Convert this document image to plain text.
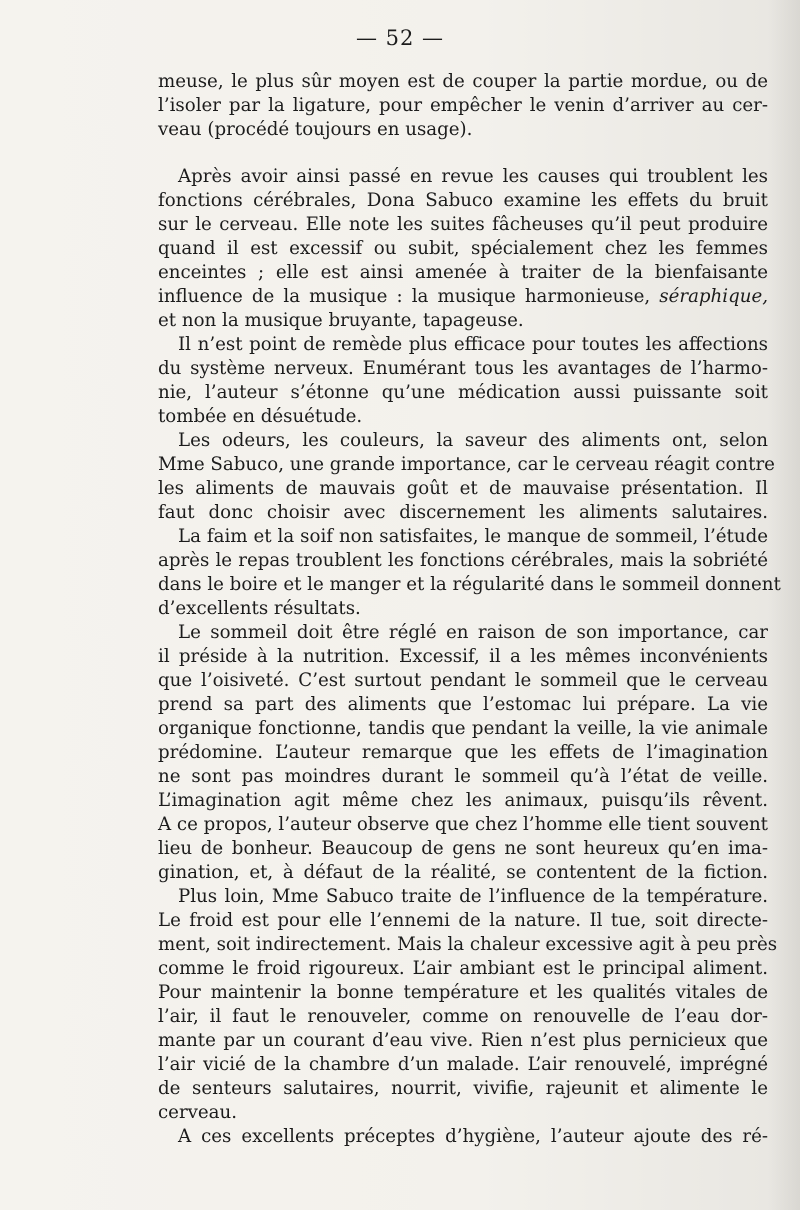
— 52 —
meuse, le plus sûr moyen est de couper la partie mordue, ou de
l’isoler par la ligature, pour empêcher le venin d’arriver au cer-
veau (procédé toujours en usage).
Après avoir ainsi passé en revue les causes qui troublent les
fonctions cérébrales, Dona Sabuco examine les effets du bruit
sur le cerveau. Elle note les suites fâcheuses qu’il peut produire
quand il est excessif ou subit, spécialement chez les femmes
enceintes ; elle est ainsi amenée à traiter de la bienfaisante
influence de la musique : la musique harmonieuse, séraphique,
et non la musique bruyante, tapageuse.
Il n’est point de remède plus efficace pour toutes les affections
du système nerveux. Enumérant tous les avantages de l’harmo-
nie, l’auteur s’étonne qu’une médication aussi puissante soit
tombée en désuétude.
Les odeurs, les couleurs, la saveur des aliments ont, selon
Mme Sabuco, une grande importance, car le cerveau réagit contre
les aliments de mauvais goût et de mauvaise présentation. Il
faut donc choisir avec discernement les aliments salutaires.
La faim et la soif non satisfaites, le manque de sommeil, l’étude
après le repas troublent les fonctions cérébrales, mais la sobriété
dans le boire et le manger et la régularité dans le sommeil donnent
d’excellents résultats.
Le sommeil doit être réglé en raison de son importance, car
il préside à la nutrition. Excessif, il a les mêmes inconvénients
que l’oisiveté. C’est surtout pendant le sommeil que le cerveau
prend sa part des aliments que l’estomac lui prépare. La vie
organique fonctionne, tandis que pendant la veille, la vie animale
prédomine. L’auteur remarque que les effets de l’imagination
ne sont pas moindres durant le sommeil qu’à l’état de veille.
L’imagination agit même chez les animaux, puisqu’ils rêvent.
A ce propos, l’auteur observe que chez l’homme elle tient souvent
lieu de bonheur. Beaucoup de gens ne sont heureux qu’en ima-
gination, et, à défaut de la réalité, se contentent de la fiction.
Plus loin, Mme Sabuco traite de l’influence de la température.
Le froid est pour elle l’ennemi de la nature. Il tue, soit directe-
ment, soit indirectement. Mais la chaleur excessive agit à peu près
comme le froid rigoureux. L’air ambiant est le principal aliment.
Pour maintenir la bonne température et les qualités vitales de
l’air, il faut le renouveler, comme on renouvelle de l’eau dor-
mante par un courant d’eau vive. Rien n’est plus pernicieux que
l’air vicié de la chambre d’un malade. L’air renouvelé, imprégné
de senteurs salutaires, nourrit, vivifie, rajeunit et alimente le
cerveau.
A ces excellents préceptes d’hygiène, l’auteur ajoute des ré-
